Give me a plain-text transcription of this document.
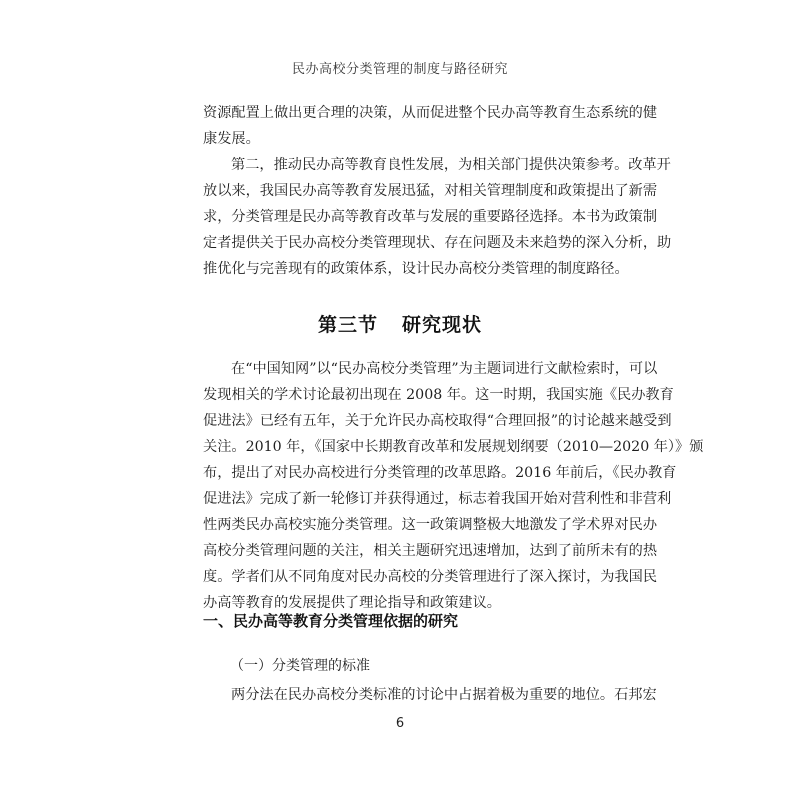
民办高校分类管理的制度与路径研究
资源配置上做出更合理的决策，从而促进整个民办高等教育生态系统的健
康发展。
第二，推动民办高等教育良性发展，为相关部门提供决策参考。改革开
放以来，我国民办高等教育发展迅猛，对相关管理制度和政策提出了新需
求，分类管理是民办高等教育改革与发展的重要路径选择。本书为政策制
定者提供关于民办高校分类管理现状、存在问题及未来趋势的深入分析，助
推优化与完善现有的政策体系，设计民办高校分类管理的制度路径。
第三节 研究现状
在“中国知网”以“民办高校分类管理”为主题词进行文献检索时，可以
发现相关的学术讨论最初出现在 2008 年。这一时期，我国实施《民办教育
促进法》已经有五年，关于允许民办高校取得“合理回报”的讨论越来越受到
关注。2010 年，《国家中长期教育改革和发展规划纲要（2010—2020 年）》颁
布，提出了对民办高校进行分类管理的改革思路。2016 年前后，《民办教育
促进法》完成了新一轮修订并获得通过，标志着我国开始对营利性和非营利
性两类民办高校实施分类管理。这一政策调整极大地激发了学术界对民办
高校分类管理问题的关注，相关主题研究迅速增加，达到了前所未有的热
度。学者们从不同角度对民办高校的分类管理进行了深入探讨，为我国民
办高等教育的发展提供了理论指导和政策建议。
一、民办高等教育分类管理依据的研究
（一）分类管理的标准
两分法在民办高校分类标准的讨论中占据着极为重要的地位。石邦宏
6
